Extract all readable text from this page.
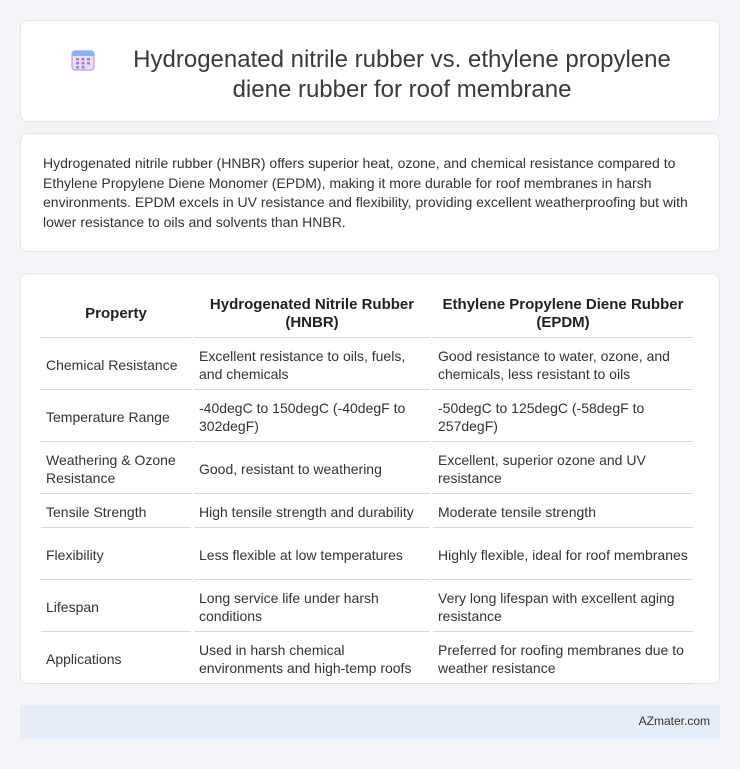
Hydrogenated nitrile rubber vs. ethylene propylene diene rubber for roof membrane

Hydrogenated nitrile rubber (HNBR) offers superior heat, ozone, and chemical resistance compared to Ethylene Propylene Diene Monomer (EPDM), making it more durable for roof membranes in harsh environments. EPDM excels in UV resistance and flexibility, providing excellent weatherproofing but with lower resistance to oils and solvents than HNBR.

Property	Hydrogenated Nitrile Rubber (HNBR)	Ethylene Propylene Diene Rubber (EPDM)
Chemical Resistance	Excellent resistance to oils, fuels, and chemicals	Good resistance to water, ozone, and chemicals, less resistant to oils
Temperature Range	-40degC to 150degC (-40degF to 302degF)	-50degC to 125degC (-58degF to 257degF)
Weathering & Ozone Resistance	Good, resistant to weathering	Excellent, superior ozone and UV resistance
Tensile Strength	High tensile strength and durability	Moderate tensile strength
Flexibility	Less flexible at low temperatures	Highly flexible, ideal for roof membranes
Lifespan	Long service life under harsh conditions	Very long lifespan with excellent aging resistance
Applications	Used in harsh chemical environments and high-temp roofs	Preferred for roofing membranes due to weather resistance
AZmater.com
